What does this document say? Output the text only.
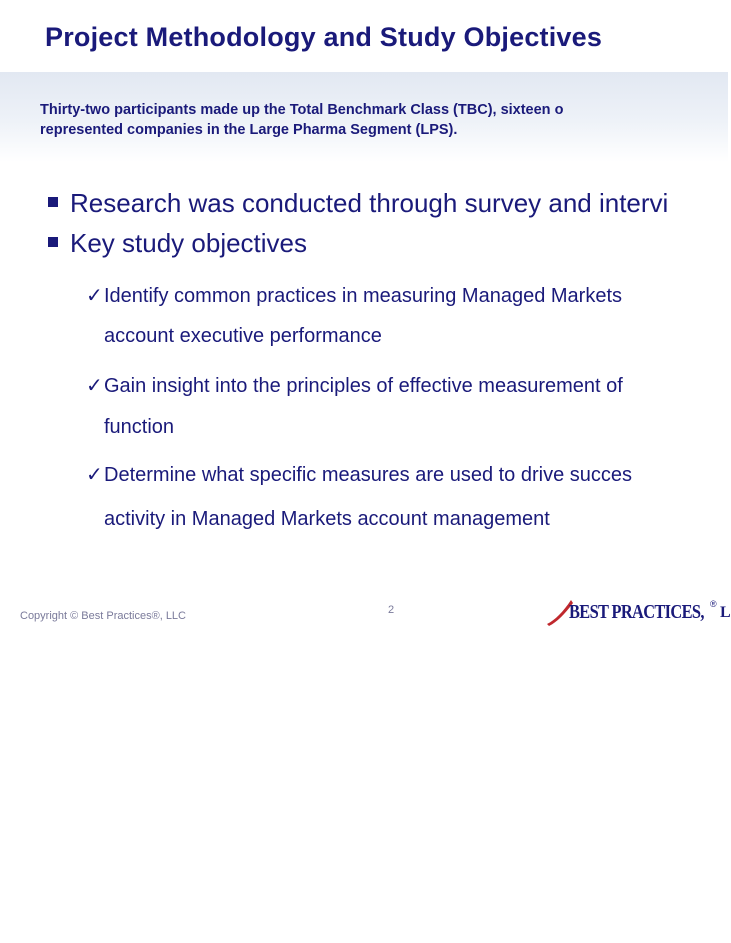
Project Methodology and Study Objectives
Thirty-two participants made up the Total Benchmark Class (TBC), sixteen o
represented companies in the Large Pharma Segment (LPS).
Research was conducted through survey and intervi
Key study objectives
✓Identify common practices in measuring Managed Markets
account executive performance
✓Gain insight into the principles of effective measurement of
function
✓Determine what specific measures are used to drive succes
activity in Managed Markets account management
Copyright © Best Practices®, LLC	2	BEST PRACTICES, ® L
